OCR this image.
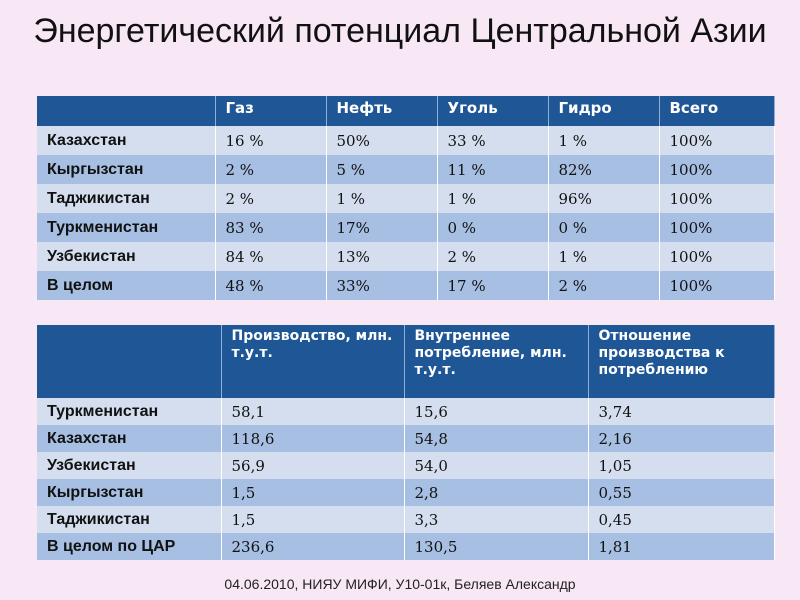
Энергетический потенциал Центральной Азии
	Газ	Нефть	Уголь	Гидро	Всего
Казахстан	16 %	50%	33 %	1 %	100%
Кыргызстан	2 %	5 %	11 %	82%	100%
Таджикистан	2 %	1 %	1 %	96%	100%
Туркменистан	83 %	17%	0 %	0 %	100%
Узбекистан	84 %	13%	2 %	1 %	100%
В целом	48 %	33%	17 %	2 %	100%
	Производство, млн. т.у.т.	Внутреннее потребление, млн. т.у.т.	Отношение производства к потреблению
Туркменистан	58,1	15,6	3,74
Казахстан	118,6	54,8	2,16
Узбекистан	56,9	54,0	1,05
Кыргызстан	1,5	2,8	0,55
Таджикистан	1,5	3,3	0,45
В целом по ЦАР	236,6	130,5	1,81
04.06.2010, НИЯУ МИФИ, У10-01к, Беляев Александр
